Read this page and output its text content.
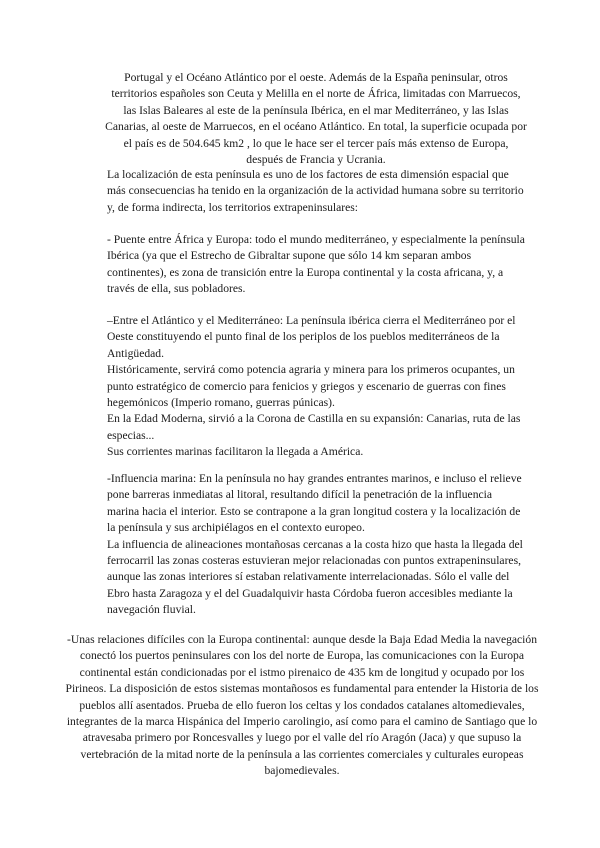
Portugal y el Océano Atlántico por el oeste. Además de la España peninsular, otros territorios españoles son Ceuta y Melilla en el norte de África, limitadas con Marruecos, las Islas Baleares al este de la península Ibérica, en el mar Mediterráneo, y las Islas Canarias, al oeste de Marruecos, en el océano Atlántico. En total, la superficie ocupada por el país es de 504.645 km2 , lo que le hace ser el tercer país más extenso de Europa, después de Francia y Ucrania.

La localización de esta península es uno de los factores de esta dimensión espacial que más consecuencias ha tenido en la organización de la actividad humana sobre su territorio y, de forma indirecta, los territorios extrapeninsulares:

- Puente entre África y Europa: todo el mundo mediterráneo, y especialmente la península Ibérica (ya que el Estrecho de Gibraltar supone que sólo 14 km separan ambos continentes), es zona de transición entre la Europa continental y la costa africana, y, a través de ella, sus pobladores.

–Entre el Atlántico y el Mediterráneo: La península ibérica cierra el Mediterráneo por el Oeste constituyendo el punto final de los periplos de los pueblos mediterráneos de la Antigüedad.

Históricamente, servirá como potencia agraria y minera para los primeros ocupantes, un punto estratégico de comercio para fenicios y griegos y escenario de guerras con fines hegemónicos (Imperio romano, guerras púnicas).

En la Edad Moderna, sirvió a la Corona de Castilla en su expansión: Canarias, ruta de las especias...

Sus corrientes marinas facilitaron la llegada a América.

-Influencia marina: En la península no hay grandes entrantes marinos, e incluso el relieve pone barreras inmediatas al litoral, resultando difícil la penetración de la influencia marina hacia el interior. Esto se contrapone a la gran longitud costera y la localización de la península y sus archipiélagos en el contexto europeo.

La influencia de alineaciones montañosas cercanas a la costa hizo que hasta la llegada del ferrocarril las zonas costeras estuvieran mejor relacionadas con puntos extrapeninsulares, aunque las zonas interiores sí estaban relativamente interrelacionadas. Sólo el valle del Ebro hasta Zaragoza y el del Guadalquivir hasta Córdoba fueron accesibles mediante la navegación fluvial.

-Unas relaciones difíciles con la Europa continental: aunque desde la Baja Edad Media la navegación conectó los puertos peninsulares con los del norte de Europa, las comunicaciones con la Europa continental están condicionadas por el istmo pirenaico de 435 km de longitud y ocupado por los Pirineos. La disposición de estos sistemas montañosos es fundamental para entender la Historia de los pueblos allí asentados. Prueba de ello fueron los celtas y los condados catalanes altomedievales, integrantes de la marca Hispánica del Imperio carolingio, así como para el camino de Santiago que lo atravesaba primero por Roncesvalles y luego por el valle del río Aragón (Jaca) y que supuso la vertebración de la mitad norte de la península a las corrientes comerciales y culturales europeas bajomedievales.
